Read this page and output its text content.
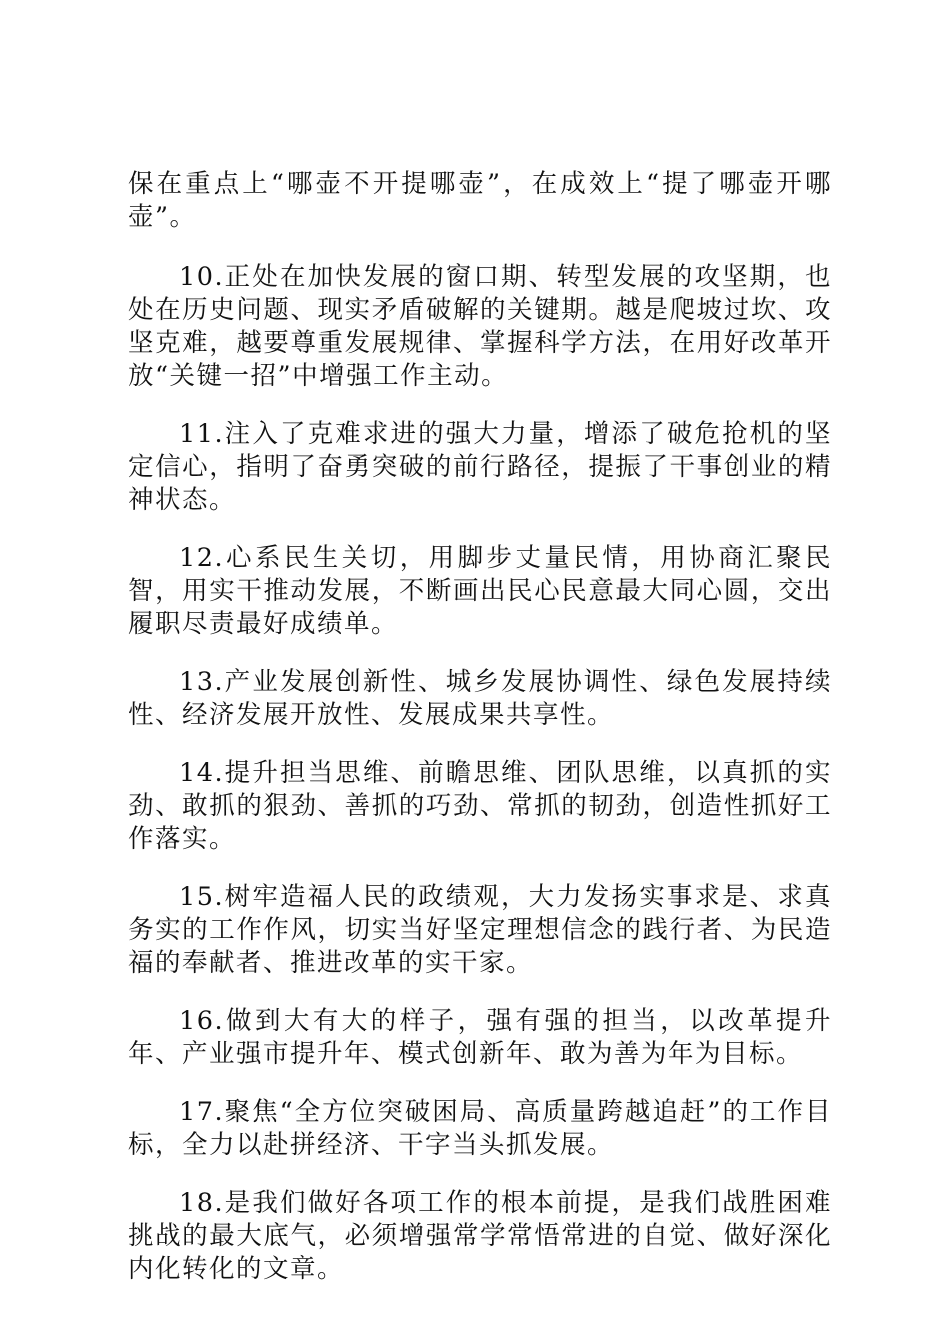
保在重点上“哪壶不开提哪壶”，在成效上“提了哪壶开哪壶”。

10.正处在加快发展的窗口期、转型发展的攻坚期，也处在历史问题、现实矛盾破解的关键期。越是爬坡过坎、攻坚克难，越要尊重发展规律、掌握科学方法，在用好改革开放“关键一招”中增强工作主动。

11.注入了克难求进的强大力量，增添了破危抢机的坚定信心，指明了奋勇突破的前行路径，提振了干事创业的精神状态。

12.心系民生关切，用脚步丈量民情，用协商汇聚民智，用实干推动发展，不断画出民心民意最大同心圆，交出履职尽责最好成绩单。

13.产业发展创新性、城乡发展协调性、绿色发展持续性、经济发展开放性、发展成果共享性。

14.提升担当思维、前瞻思维、团队思维，以真抓的实劲、敢抓的狠劲、善抓的巧劲、常抓的韧劲，创造性抓好工作落实。

15.树牢造福人民的政绩观，大力发扬实事求是、求真务实的工作作风，切实当好坚定理想信念的践行者、为民造福的奉献者、推进改革的实干家。

16.做到大有大的样子，强有强的担当，以改革提升年、产业强市提升年、模式创新年、敢为善为年为目标。

17.聚焦“全方位突破困局、高质量跨越追赶”的工作目标，全力以赴拼经济、干字当头抓发展。

18.是我们做好各项工作的根本前提，是我们战胜困难挑战的最大底气，必须增强常学常悟常进的自觉、做好深化内化转化的文章。
